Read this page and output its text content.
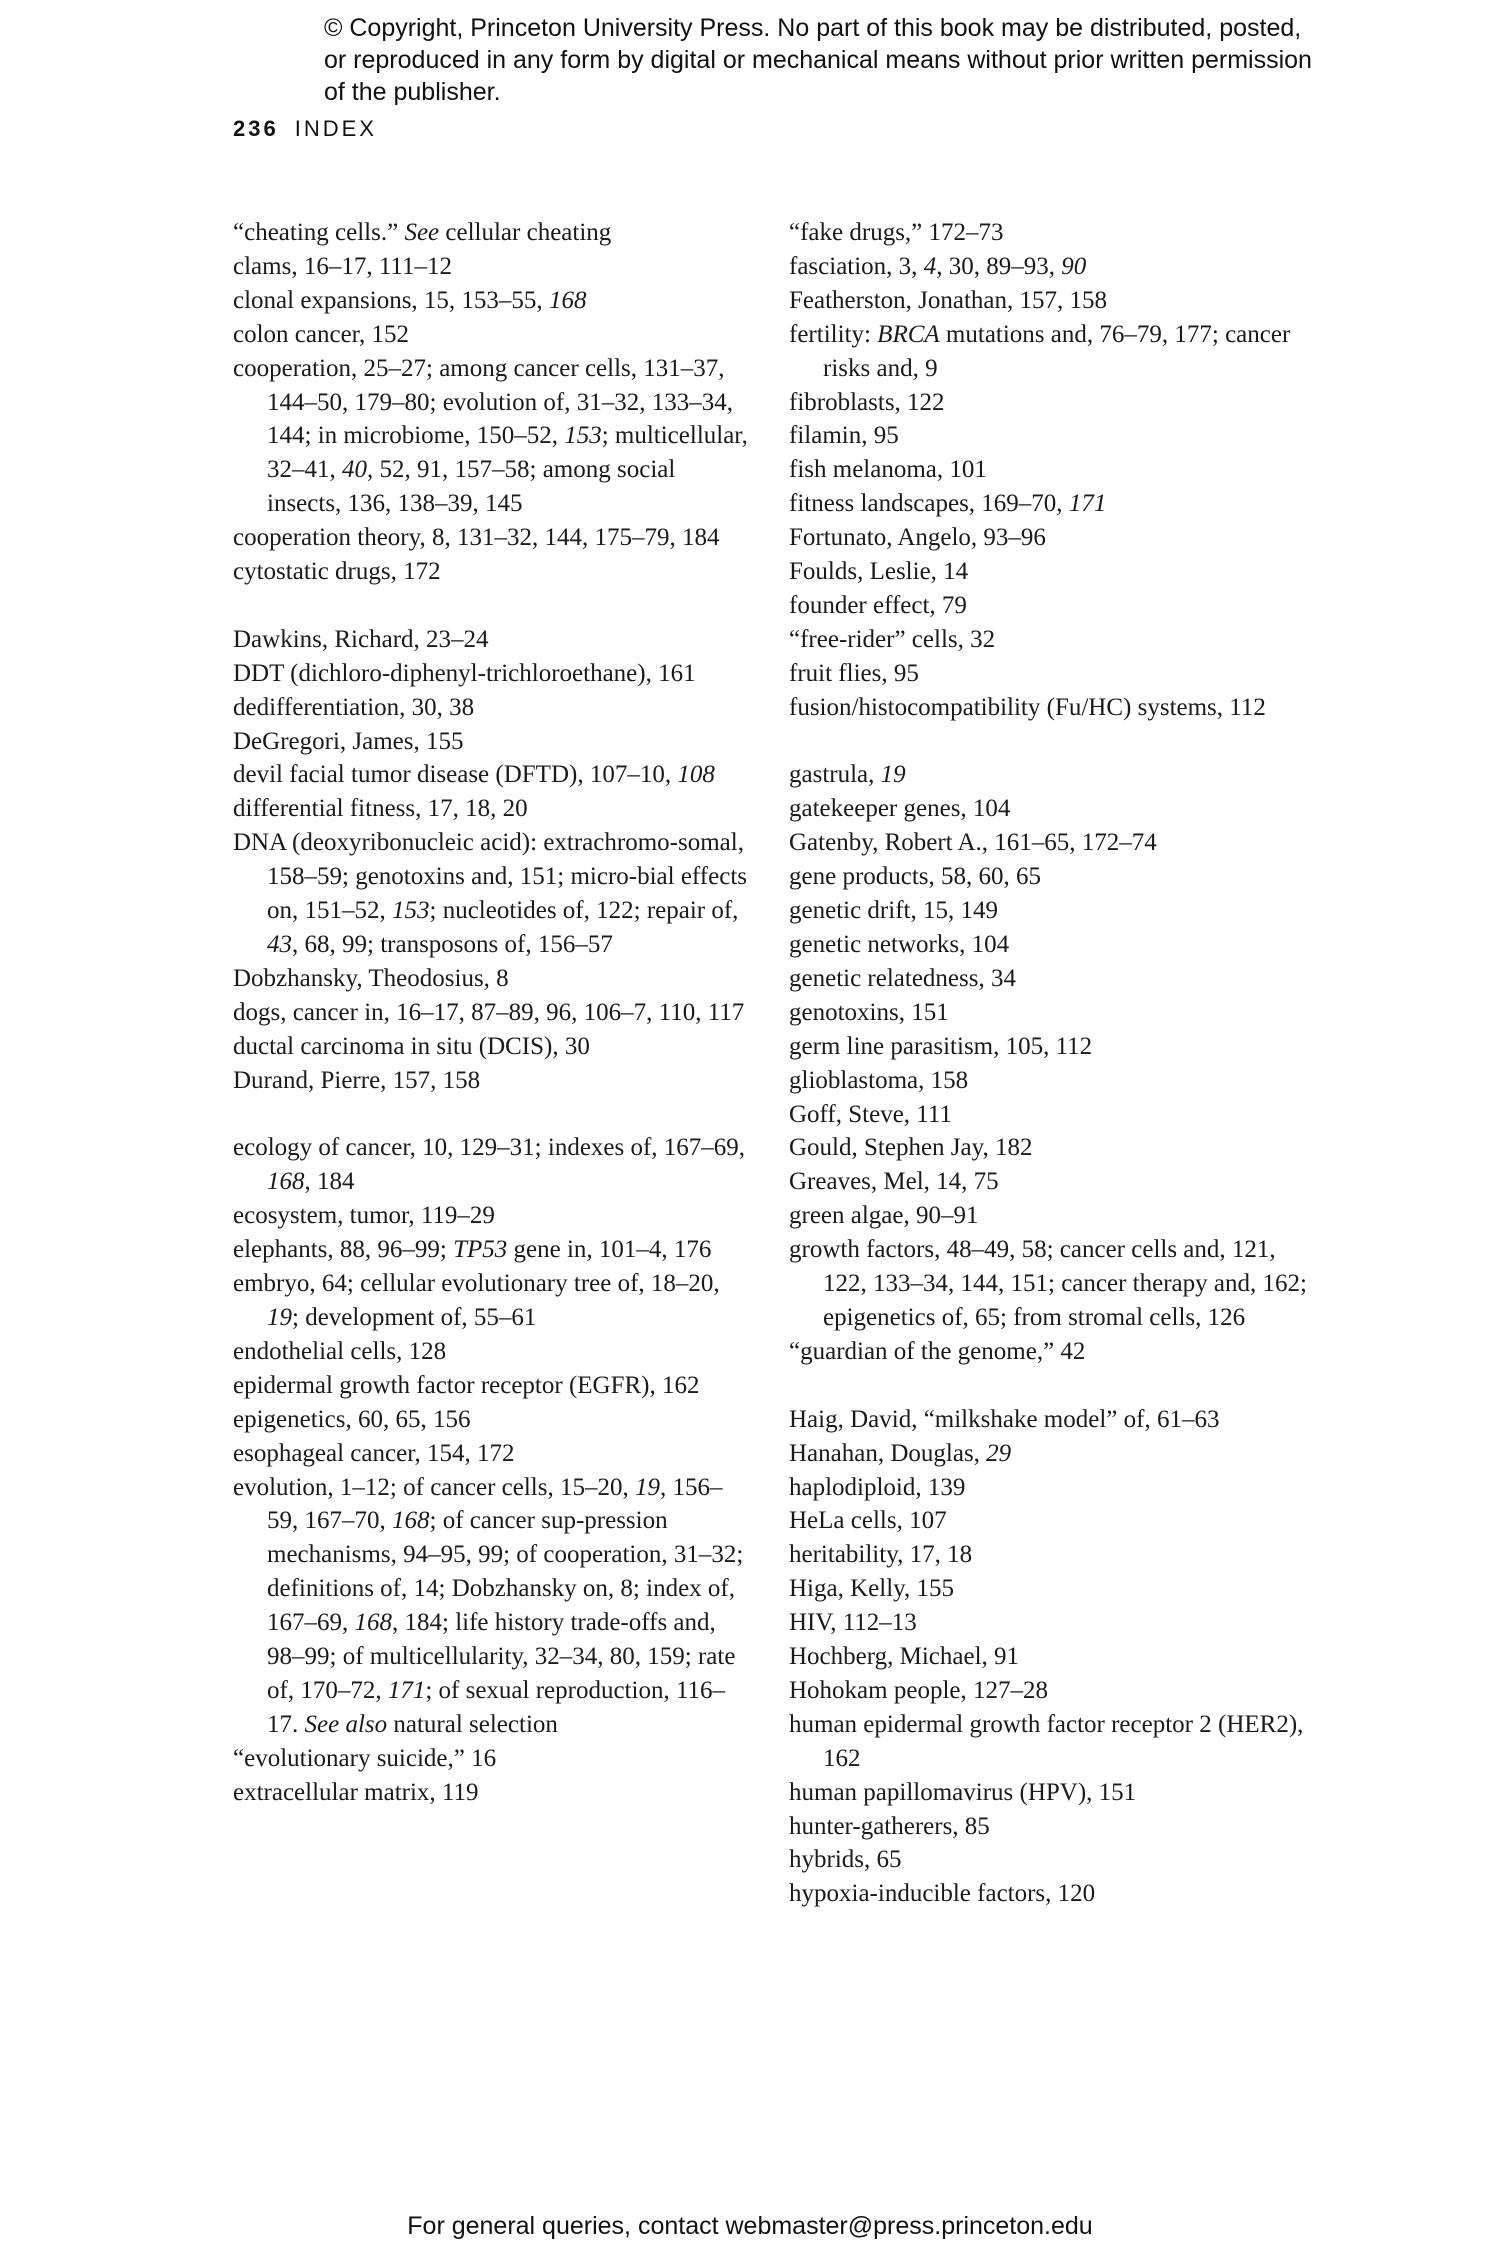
© Copyright, Princeton University Press. No part of this book may be distributed, posted, or reproduced in any form by digital or mechanical means without prior written permission of the publisher.
236 INDEX
“cheating cells.” See cellular cheating
clams, 16–17, 111–12
clonal expansions, 15, 153–55, 168
colon cancer, 152
cooperation, 25–27; among cancer cells, 131–37, 144–50, 179–80; evolution of, 31–32, 133–34, 144; in microbiome, 150–52, 153; multicellular, 32–41, 40, 52, 91, 157–58; among social insects, 136, 138–39, 145
cooperation theory, 8, 131–32, 144, 175–79, 184
cytostatic drugs, 172
Dawkins, Richard, 23–24
DDT (dichloro-diphenyl-trichloroethane), 161
dedifferentiation, 30, 38
DeGregori, James, 155
devil facial tumor disease (DFTD), 107–10, 108
differential fitness, 17, 18, 20
DNA (deoxyribonucleic acid): extrachromo-somal, 158–59; genotoxins and, 151; micro-bial effects on, 151–52, 153; nucleotides of, 122; repair of, 43, 68, 99; transposons of, 156–57
Dobzhansky, Theodosius, 8
dogs, cancer in, 16–17, 87–89, 96, 106–7, 110, 117
ductal carcinoma in situ (DCIS), 30
Durand, Pierre, 157, 158
ecology of cancer, 10, 129–31; indexes of, 167–69, 168, 184
ecosystem, tumor, 119–29
elephants, 88, 96–99; TP53 gene in, 101–4, 176
embryo, 64; cellular evolutionary tree of, 18–20, 19; development of, 55–61
endothelial cells, 128
epidermal growth factor receptor (EGFR), 162
epigenetics, 60, 65, 156
esophageal cancer, 154, 172
evolution, 1–12; of cancer cells, 15–20, 19, 156–59, 167–70, 168; of cancer sup-pression mechanisms, 94–95, 99; of cooperation, 31–32; definitions of, 14; Dobzhansky on, 8; index of, 167–69, 168, 184; life history trade-offs and, 98–99; of multicellularity, 32–34, 80, 159; rate of, 170–72, 171; of sexual reproduction, 116–17. See also natural selection
“evolutionary suicide,” 16
extracellular matrix, 119
“fake drugs,” 172–73
fasciation, 3, 4, 30, 89–93, 90
Featherston, Jonathan, 157, 158
fertility: BRCA mutations and, 76–79, 177; cancer risks and, 9
fibroblasts, 122
filamin, 95
fish melanoma, 101
fitness landscapes, 169–70, 171
Fortunato, Angelo, 93–96
Foulds, Leslie, 14
founder effect, 79
“free-rider” cells, 32
fruit flies, 95
fusion/histocompatibility (Fu/HC) systems, 112
gastrula, 19
gatekeeper genes, 104
Gatenby, Robert A., 161–65, 172–74
gene products, 58, 60, 65
genetic drift, 15, 149
genetic networks, 104
genetic relatedness, 34
genotoxins, 151
germ line parasitism, 105, 112
glioblastoma, 158
Goff, Steve, 111
Gould, Stephen Jay, 182
Greaves, Mel, 14, 75
green algae, 90–91
growth factors, 48–49, 58; cancer cells and, 121, 122, 133–34, 144, 151; cancer therapy and, 162; epigenetics of, 65; from stromal cells, 126
“guardian of the genome,” 42
Haig, David, “milkshake model” of, 61–63
Hanahan, Douglas, 29
haplodiploid, 139
HeLa cells, 107
heritability, 17, 18
Higa, Kelly, 155
HIV, 112–13
Hochberg, Michael, 91
Hohokam people, 127–28
human epidermal growth factor receptor 2 (HER2), 162
human papillomavirus (HPV), 151
hunter-gatherers, 85
hybrids, 65
hypoxia-inducible factors, 120
For general queries, contact webmaster@press.princeton.edu
